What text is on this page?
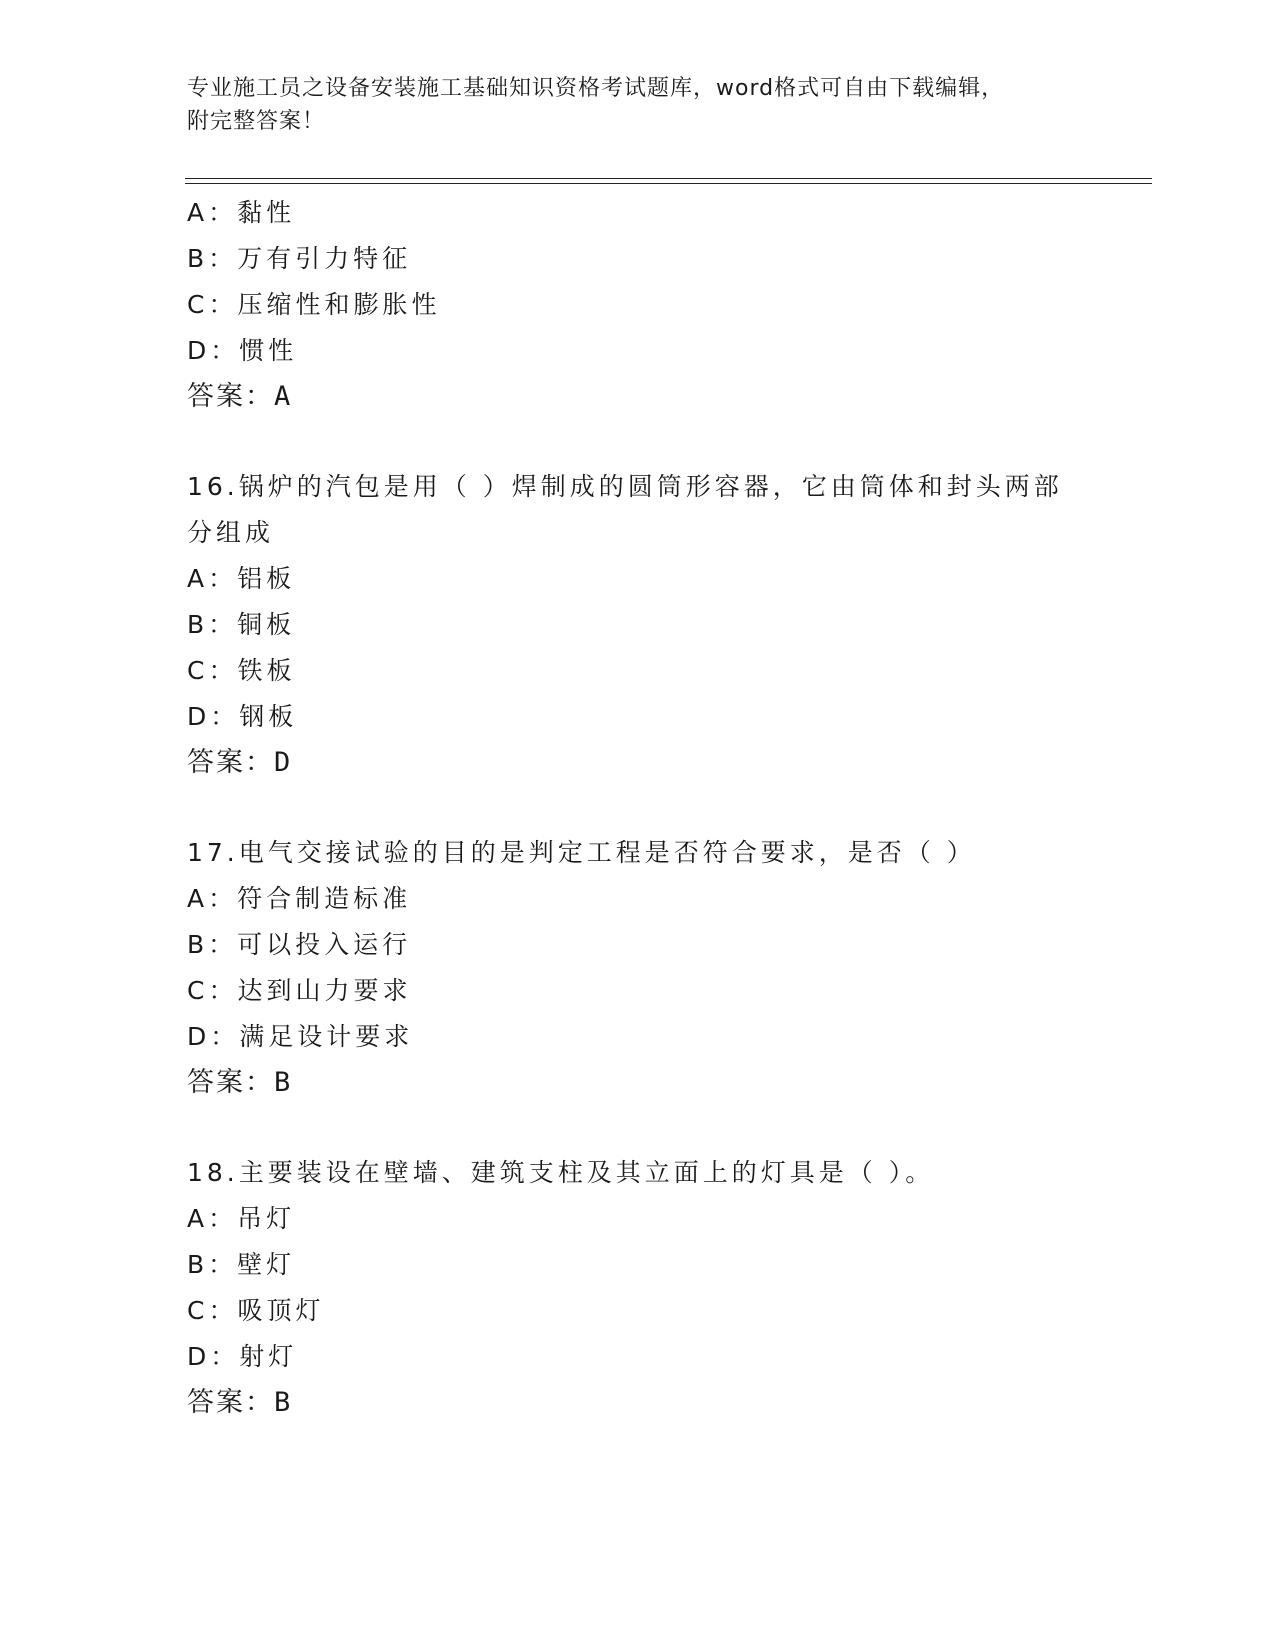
专业施工员之设备安装施工基础知识资格考试题库，word格式可自由下载编辑，
附完整答案！
A：黏性
B：万有引力特征
C：压缩性和膨胀性
D：惯性
答案：A
16.锅炉的汽包是用（ ）焊制成的圆筒形容器，它由筒体和封头两部
分组成
A：铝板
B：铜板
C：铁板
D：钢板
答案：D
17.电气交接试验的目的是判定工程是否符合要求，是否（ ）
A：符合制造标准
B：可以投入运行
C：达到山力要求
D：满足设计要求
答案：B
18.主要装设在壁墙、建筑支柱及其立面上的灯具是（ ）。
A：吊灯
B：壁灯
C：吸顶灯
D：射灯
答案：B
